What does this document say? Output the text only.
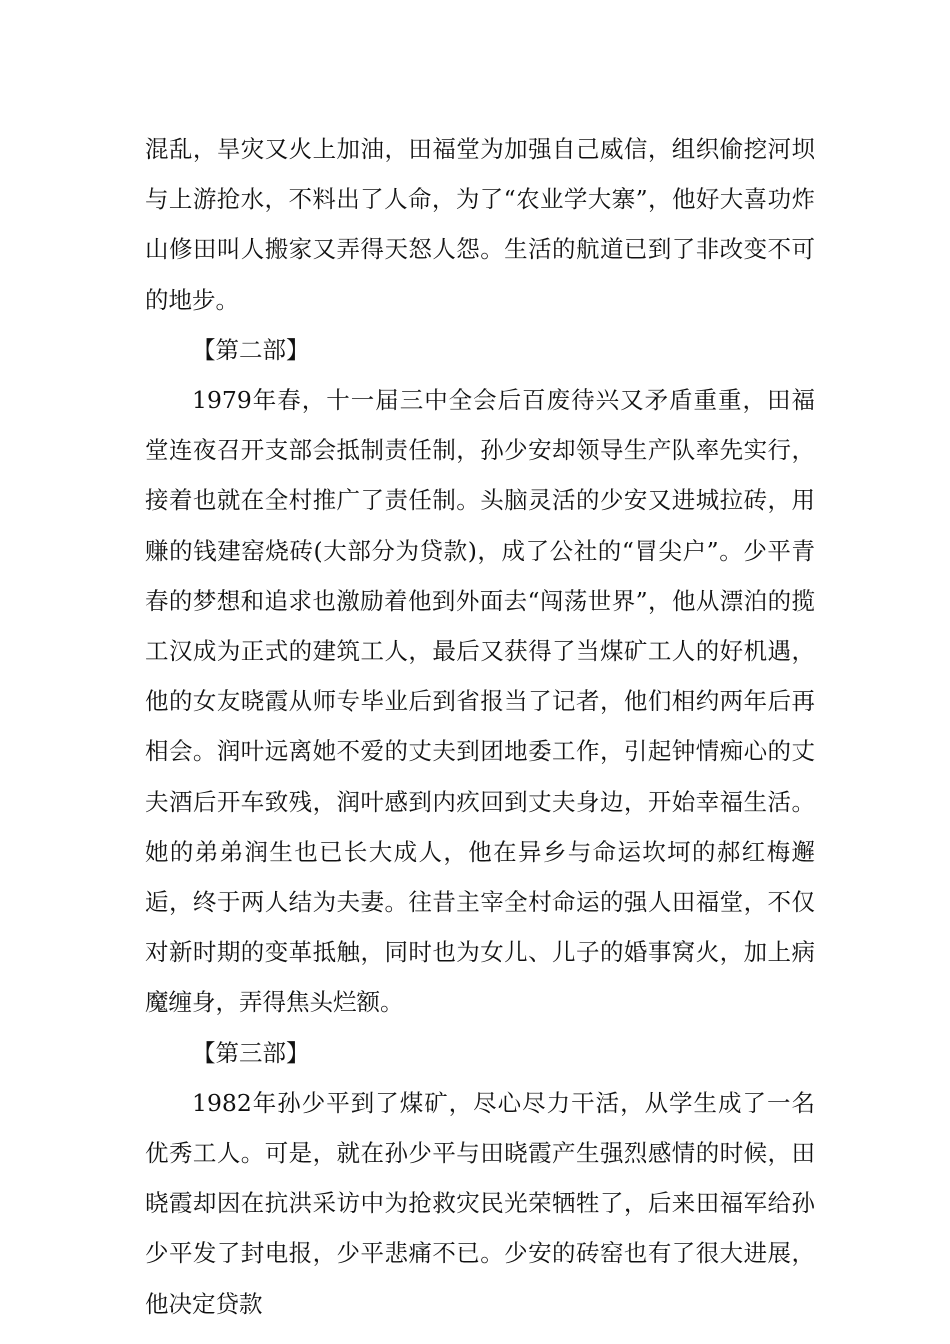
混乱，旱灾又火上加油，田福堂为加强自己威信，组织偷挖河坝与上游抢水，不料出了人命，为了“农业学大寨”，他好大喜功炸山修田叫人搬家又弄得天怒人怨。生活的航道已到了非改变不可的地步。

【第二部】

1979年春，十一届三中全会后百废待兴又矛盾重重，田福堂连夜召开支部会抵制责任制，孙少安却领导生产队率先实行，接着也就在全村推广了责任制。头脑灵活的少安又进城拉砖，用赚的钱建窑烧砖(大部分为贷款)，成了公社的“冒尖户”。少平青春的梦想和追求也激励着他到外面去“闯荡世界”，他从漂泊的揽工汉成为正式的建筑工人，最后又获得了当煤矿工人的好机遇，他的女友晓霞从师专毕业后到省报当了记者，他们相约两年后再相会。润叶远离她不爱的丈夫到团地委工作，引起钟情痴心的丈夫酒后开车致残，润叶感到内疚回到丈夫身边，开始幸福生活。她的弟弟润生也已长大成人，他在异乡与命运坎坷的郝红梅邂逅，终于两人结为夫妻。往昔主宰全村命运的强人田福堂，不仅对新时期的变革抵触，同时也为女儿、儿子的婚事窝火，加上病魔缠身，弄得焦头烂额。

【第三部】

1982年孙少平到了煤矿，尽心尽力干活，从学生成了一名优秀工人。可是，就在孙少平与田晓霞产生强烈感情的时候，田晓霞却因在抗洪采访中为抢救灾民光荣牺牲了，后来田福军给孙少平发了封电报，少平悲痛不已。少安的砖窑也有了很大进展，他决定贷款
